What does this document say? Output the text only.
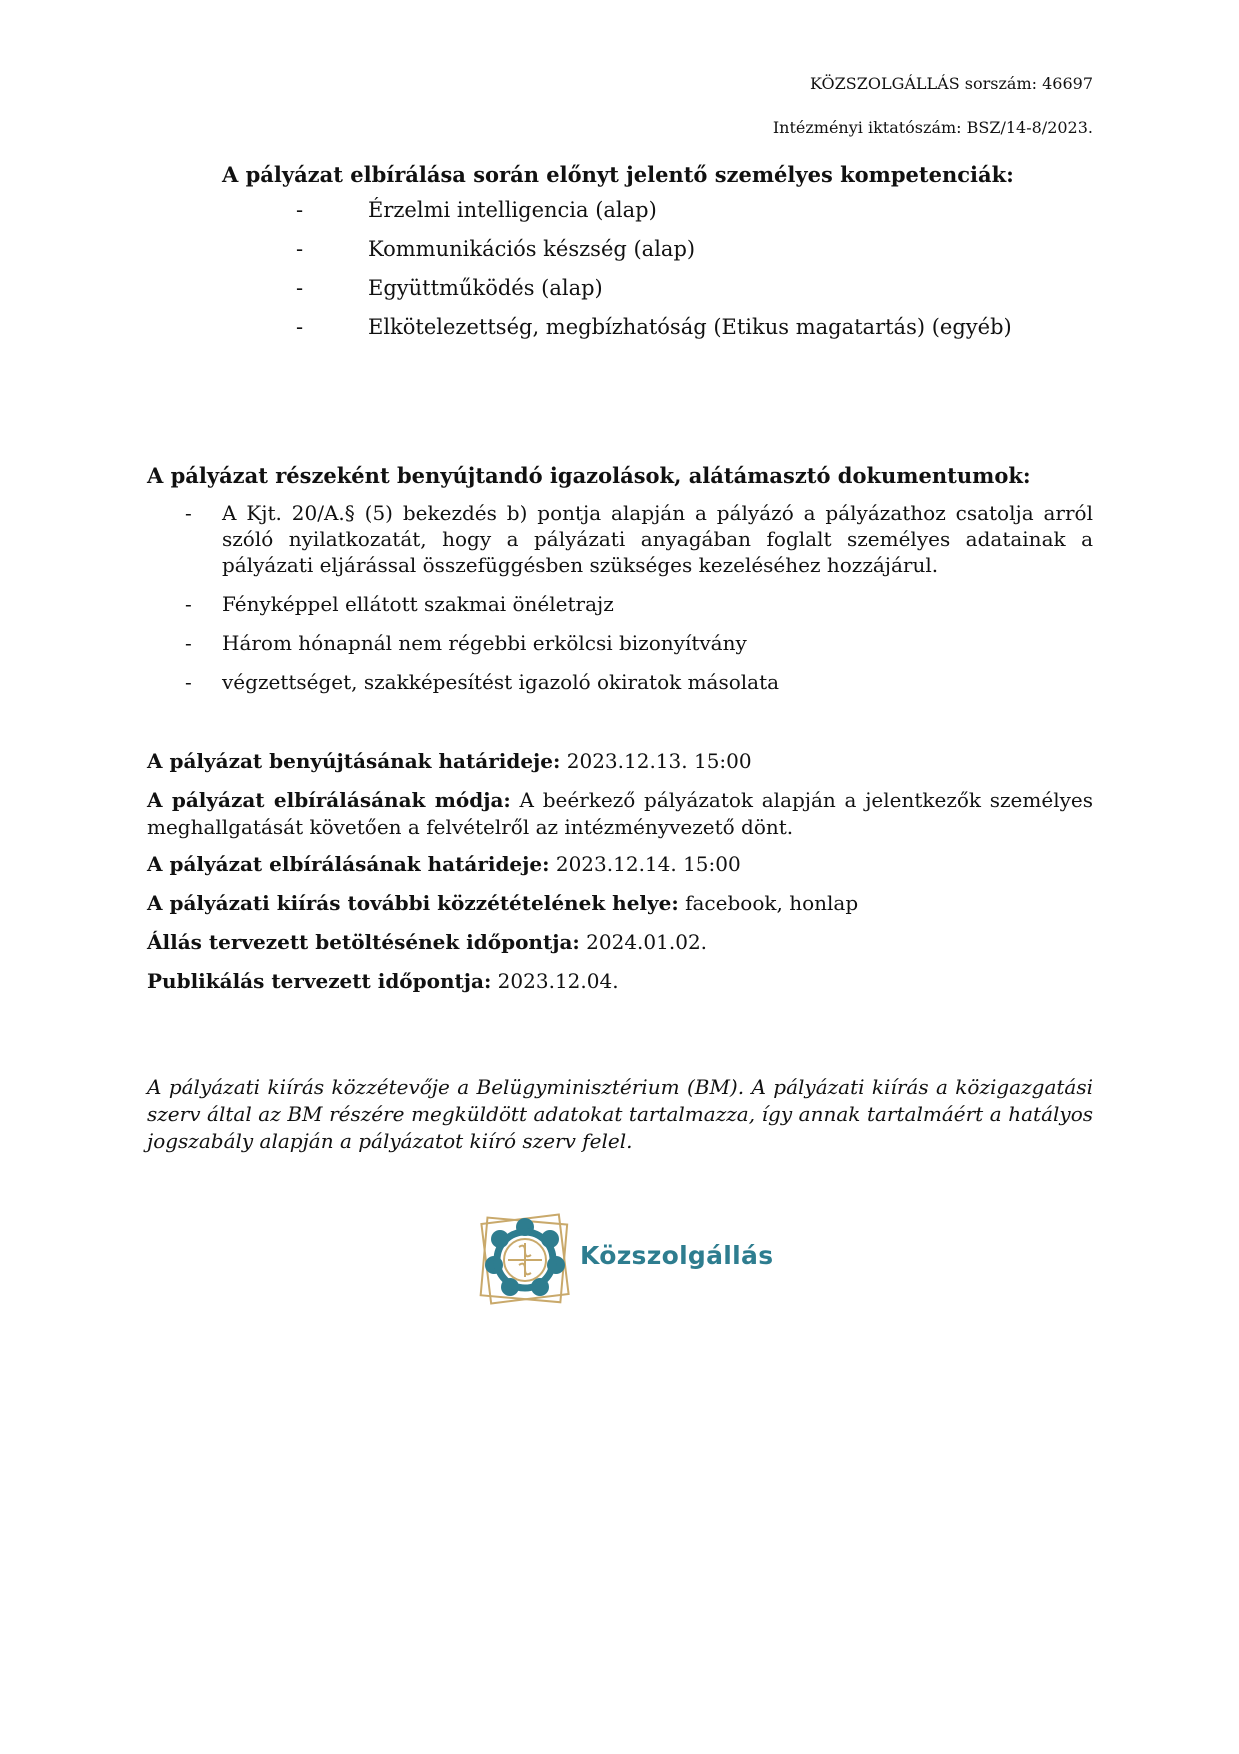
KÖZSZOLGÁLLÁS sorszám: 46697
Intézményi iktatószám: BSZ/14-8/2023.
A pályázat elbírálása során előnyt jelentő személyes kompetenciák:
-	Érzelmi intelligencia (alap)
-	Kommunikációs készség (alap)
-	Együttműködés (alap)
-	Elkötelezettség, megbízhatóság (Etikus magatartás) (egyéb)
A pályázat részeként benyújtandó igazolások, alátámasztó dokumentumok:
-	A Kjt. 20/A.§ (5) bekezdés b) pontja alapján a pályázó a pályázathoz csatolja arról szóló nyilatkozatát, hogy a pályázati anyagában foglalt személyes adatainak a pályázati eljárással összefüggésben szükséges kezeléséhez hozzájárul.
-	Fényképpel ellátott szakmai önéletrajz
-	Három hónapnál nem régebbi erkölcsi bizonyítvány
-	végzettséget, szakképesítést igazoló okiratok másolata
A pályázat benyújtásának határideje: 2023.12.13. 15:00
A pályázat elbírálásának módja: A beérkező pályázatok alapján a jelentkezők személyes meghallgatását követően a felvételről az intézményvezető dönt.
A pályázat elbírálásának határideje: 2023.12.14. 15:00
A pályázati kiírás további közzétételének helye: facebook, honlap
Állás tervezett betöltésének időpontja: 2024.01.02.
Publikálás tervezett időpontja: 2023.12.04.
A pályázati kiírás közzétevője a Belügyminisztérium (BM). A pályázati kiírás a közigazgatási szerv által az BM részére megküldött adatokat tartalmazza, így annak tartalmáért a hatályos jogszabály alapján a pályázatot kiíró szerv felel.
Közszolgállás
